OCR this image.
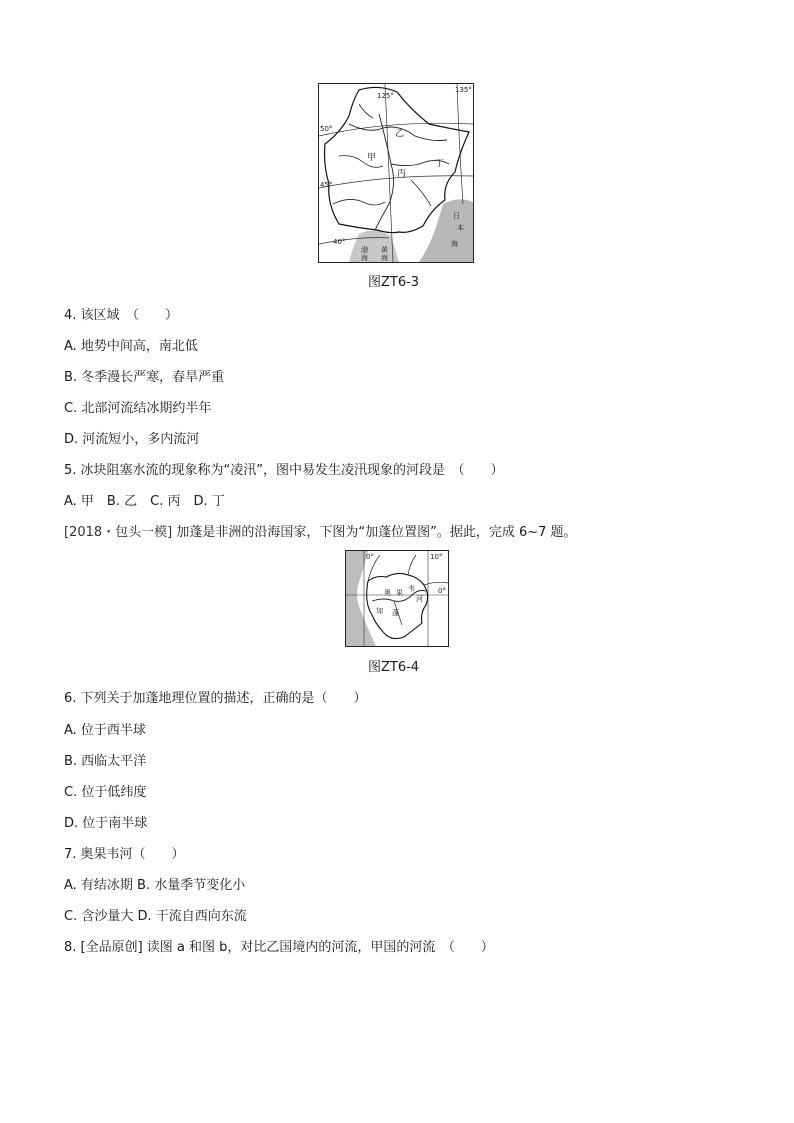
125°
135°
50°
45°
40°
甲
乙
丙
丁
日
本
海
渤
海
黄
海
图ZT6-3
4. 该区域　（　　）
A. 地势中间高，南北低
B. 冬季漫长严寒，春旱严重
C. 北部河流结冰期约半年
D. 河流短小，多内流河
5. 冰块阻塞水流的现象称为“凌汛”，图中易发生凌汛现象的河段是　（　　）
A. 甲　B. 乙　C. 丙　D. 丁
[2018・包头一模] 加蓬是非洲的沿海国家，下图为“加蓬位置图”。据此，完成 6~7 题。
0°	10°
0°
奥 果 韦
河
加 蓬
图ZT6-4
6. 下列关于加蓬地理位置的描述，正确的是（　　）
A. 位于西半球
B. 西临太平洋
C. 位于低纬度
D. 位于南半球
7. 奥果韦河（　　）
A. 有结冰期 B. 水量季节变化小
C. 含沙量大 D. 干流自西向东流
8. [全品原创] 读图 a 和图 b，对比乙国境内的河流，甲国的河流　（　　）
